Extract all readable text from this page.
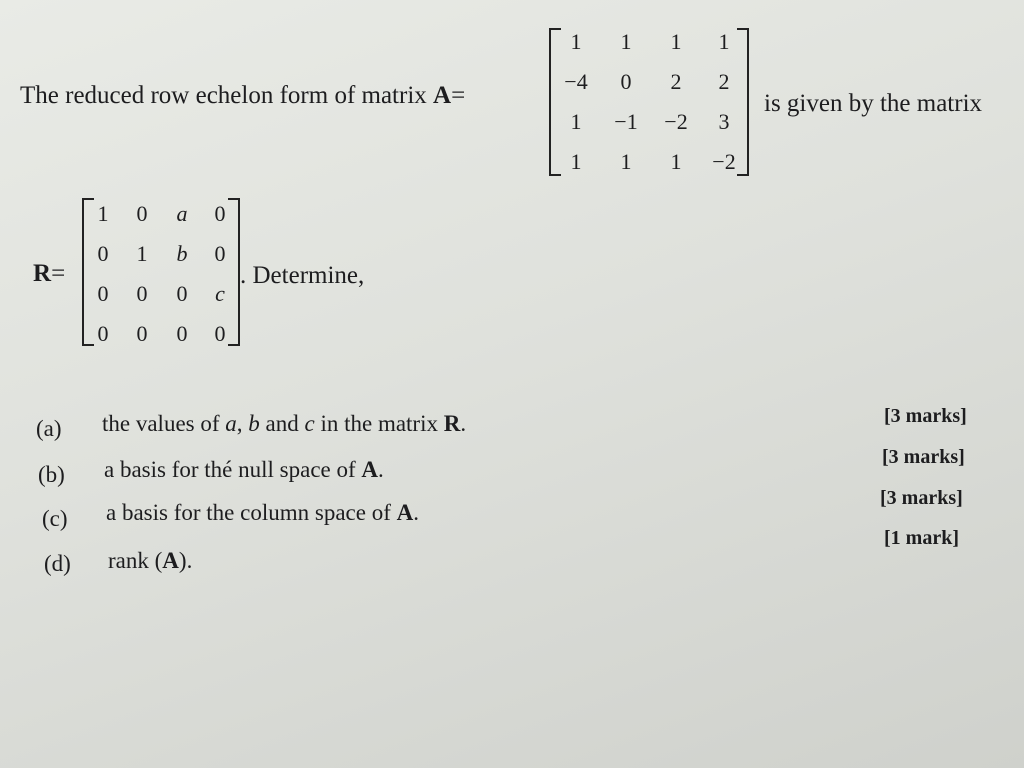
The reduced row echelon form of matrix A=
1	1	1	1
−4	0	2	2
1	−1	−2	3
1	1	1	−2
is given by the matrix
R=
1	0	a	0
0	1	b	0
0	0	0	c
0	0	0	0
. Determine,
(a) the values of a, b and c in the matrix R.	[3 marks]
(b) a basis for thé null space of A.	[3 marks]
(c) a basis for the column space of A.
[3 marks]
(d) rank (A).
[1 mark]
